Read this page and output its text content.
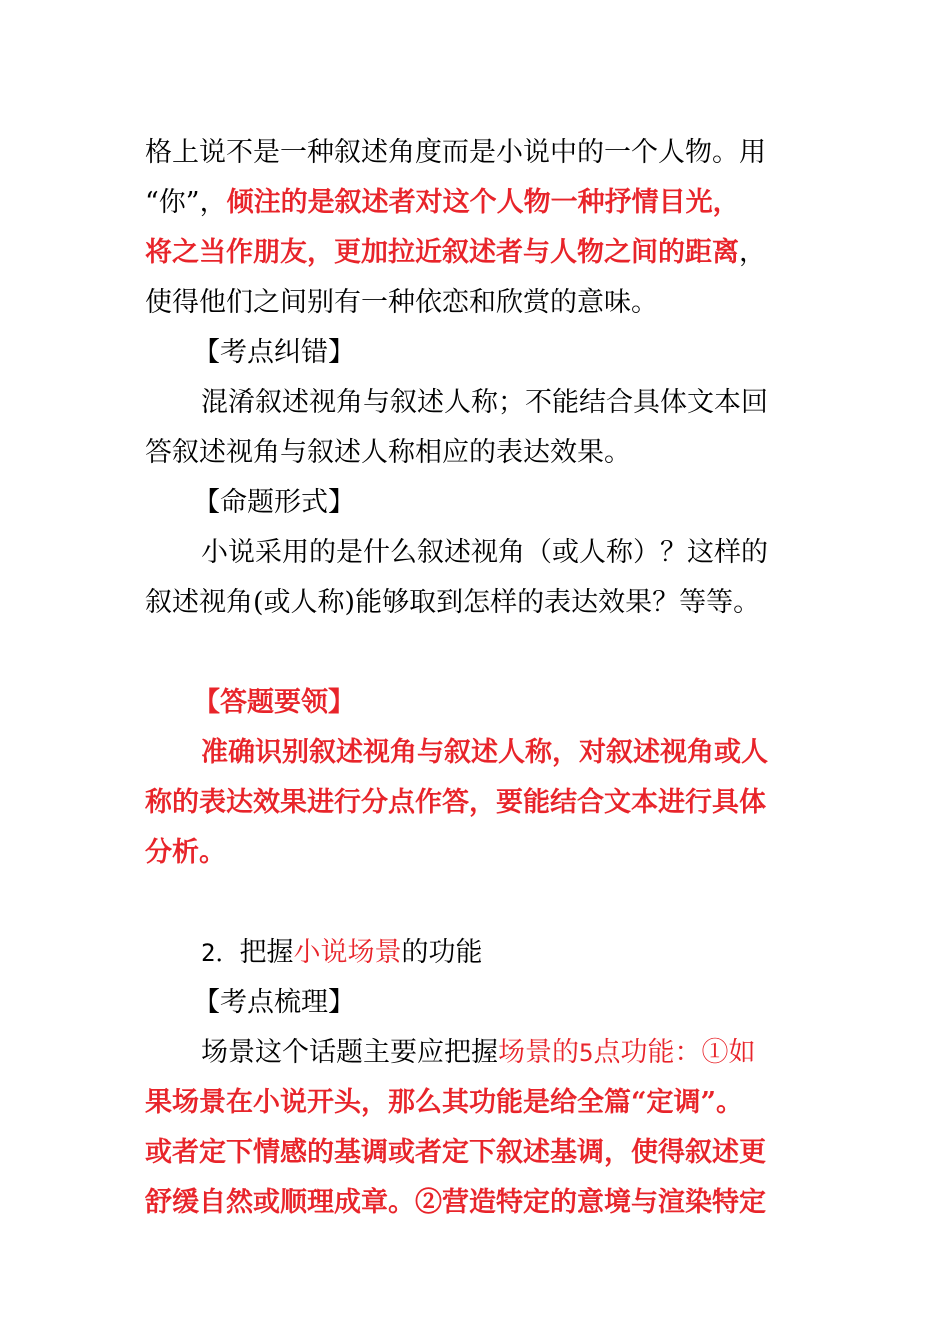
格上说不是一种叙述角度而是小说中的一个人物。用
“你”，倾注的是叙述者对这个人物一种抒情目光，
将之当作朋友，更加拉近叙述者与人物之间的距离，
使得他们之间别有一种依恋和欣赏的意味。
【考点纠错】
混淆叙述视角与叙述人称；不能结合具体文本回
答叙述视角与叙述人称相应的表达效果。
【命题形式】
小说采用的是什么叙述视角（或人称）？这样的
叙述视角(或人称)能够取到怎样的表达效果？等等。
【答题要领】
准确识别叙述视角与叙述人称，对叙述视角或人
称的表达效果进行分点作答，要能结合文本进行具体
分析。
2．把握小说场景的功能
【考点梳理】
场景这个话题主要应把握场景的5点功能：①如
果场景在小说开头，那么其功能是给全篇“定调”。
或者定下情感的基调或者定下叙述基调，使得叙述更
舒缓自然或顺理成章。②营造特定的意境与渲染特定
